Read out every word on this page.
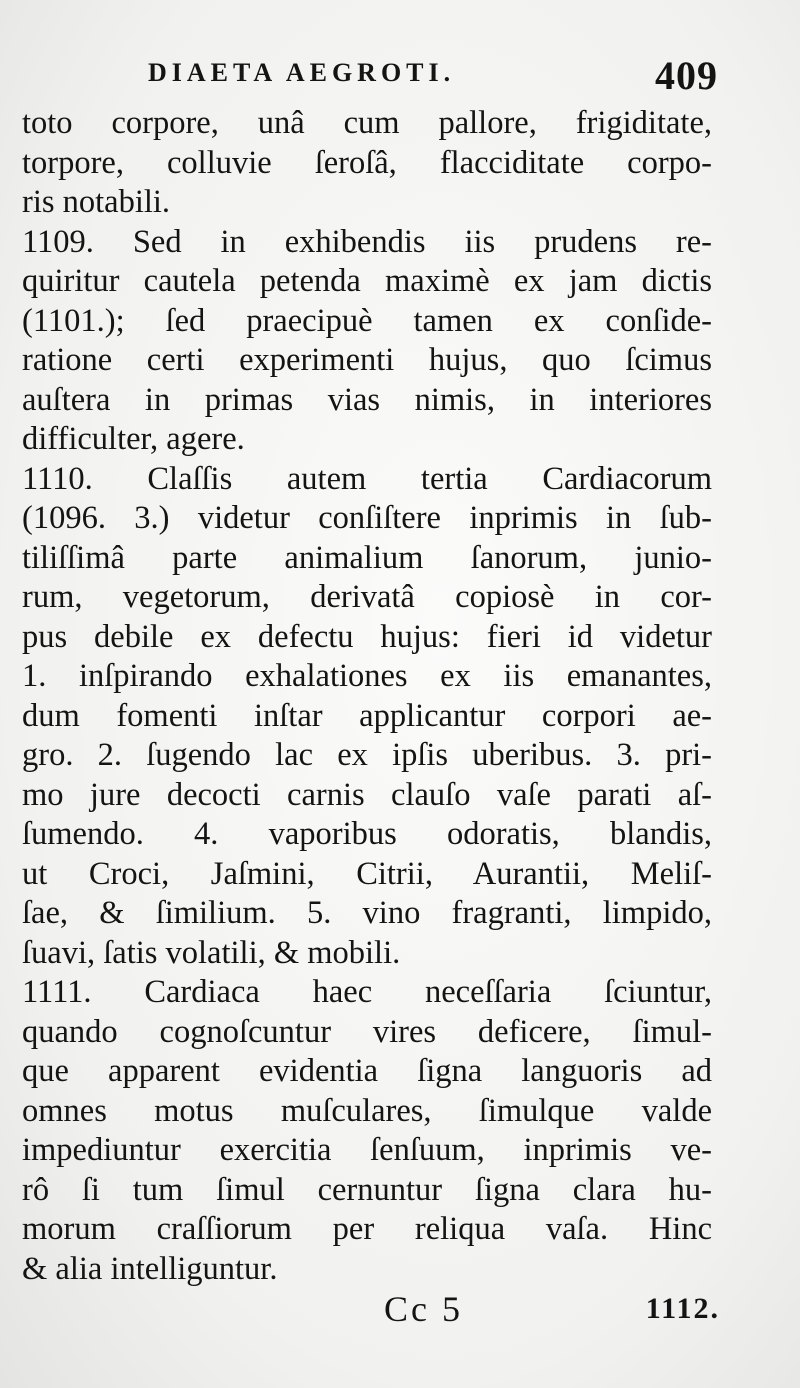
DIAETA AEGROTI.	409
toto corpore, unâ cum pallore, frigiditate,
torpore, colluvie ſeroſâ, flacciditate corpo-
ris notabili.
1109. Sed in exhibendis iis prudens re-
quiritur cautela petenda maximè ex jam dictis
(1101.); ſed praecipuè tamen ex conſide-
ratione certi experimenti hujus, quo ſcimus
auſtera in primas vias nimis, in interiores
difficulter, agere.
1110. Claſſis autem tertia Cardiacorum
(1096. 3.) videtur conſiſtere inprimis in ſub-
tiliſſimâ parte animalium ſanorum, junio-
rum, vegetorum, derivatâ copiosè in cor-
pus debile ex defectu hujus: fieri id videtur
1. inſpirando exhalationes ex iis emanantes,
dum fomenti inſtar applicantur corpori ae-
gro. 2. ſugendo lac ex ipſis uberibus. 3. pri-
mo jure decocti carnis clauſo vaſe parati aſ-
ſumendo. 4. vaporibus odoratis, blandis,
ut Croci, Jaſmini, Citrii, Aurantii, Meliſ-
ſae, & ſimilium. 5. vino fragranti, limpido,
ſuavi, ſatis volatili, & mobili.
1111. Cardiaca haec neceſſaria ſciuntur,
quando cognoſcuntur vires deficere, ſimul-
que apparent evidentia ſigna languoris ad
omnes motus muſculares, ſimulque valde
impediuntur exercitia ſenſuum, inprimis ve-
rô ſi tum ſimul cernuntur ſigna clara hu-
morum craſſiorum per reliqua vaſa. Hinc
& alia intelliguntur.
Cc 5	1112.
